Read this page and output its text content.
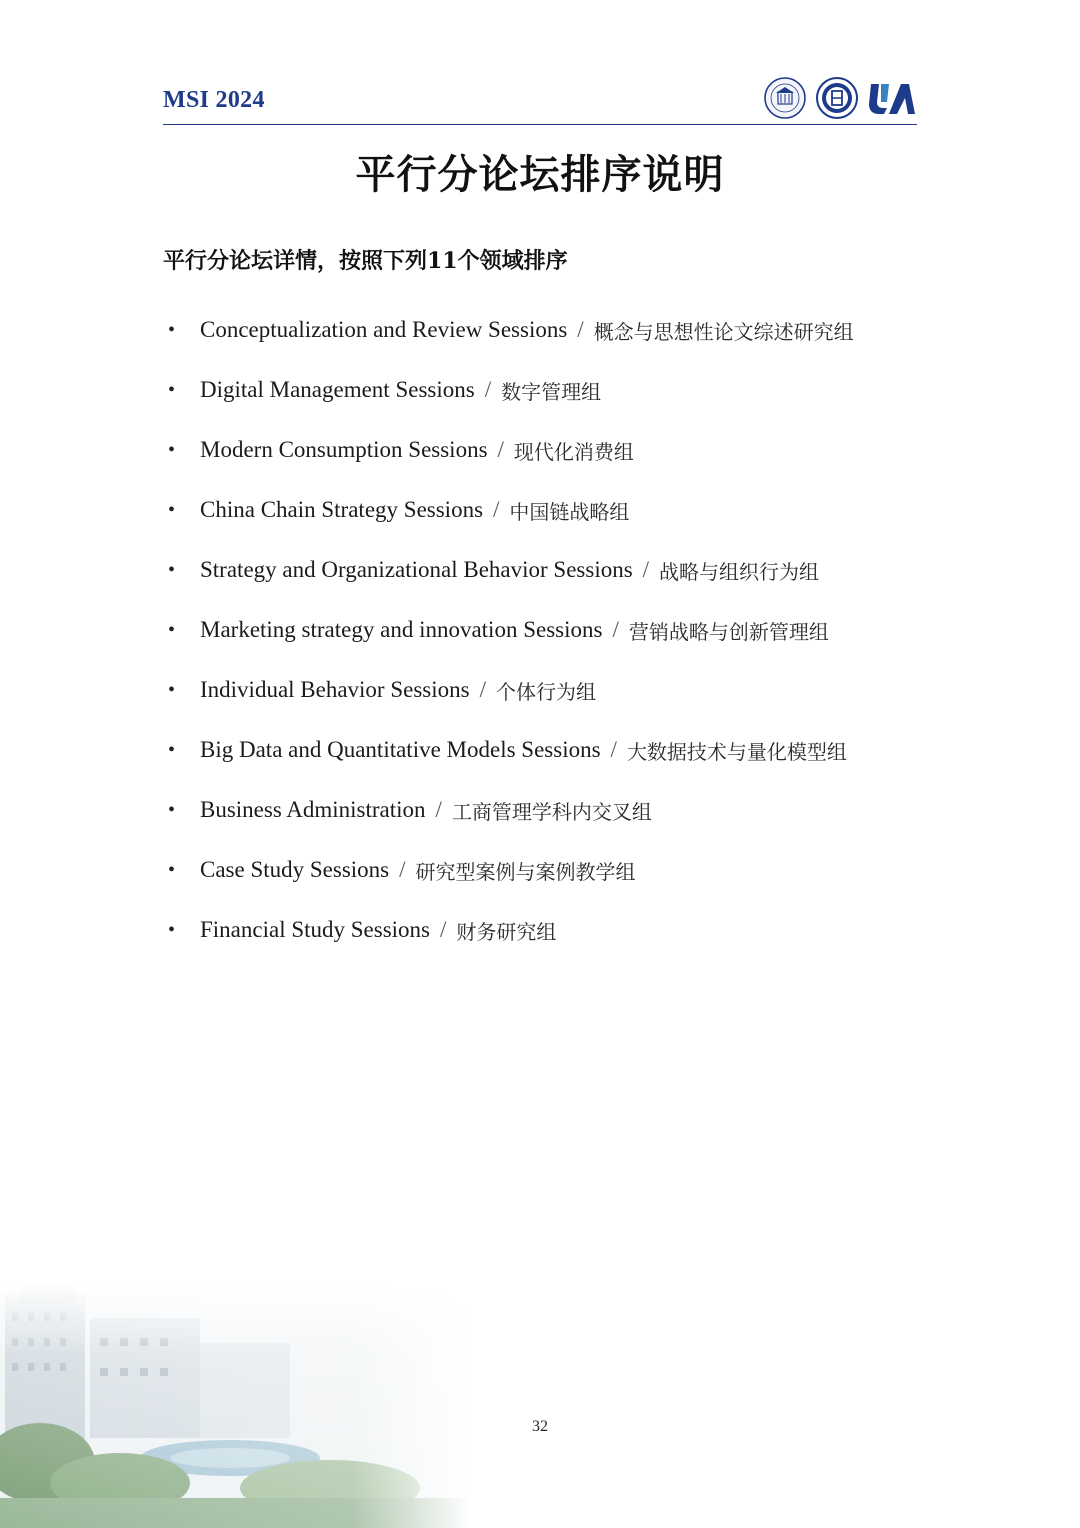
MSI 2024
平行分论坛排序说明
平行分论坛详情，按照下列11个领域排序
•	Conceptualization and Review Sessions / 概念与思想性论文综述研究组
•	Digital Management Sessions / 数字管理组
•	Modern Consumption Sessions / 现代化消费组
•	China Chain Strategy Sessions / 中国链战略组
•	Strategy and Organizational Behavior Sessions / 战略与组织行为组
•	Marketing strategy and innovation Sessions / 营销战略与创新管理组
•	Individual Behavior Sessions / 个体行为组
•	Big Data and Quantitative Models Sessions / 大数据技术与量化模型组
•	Business Administration / 工商管理学科内交叉组
•	Case Study Sessions / 研究型案例与案例教学组
•	Financial Study Sessions / 财务研究组
32
